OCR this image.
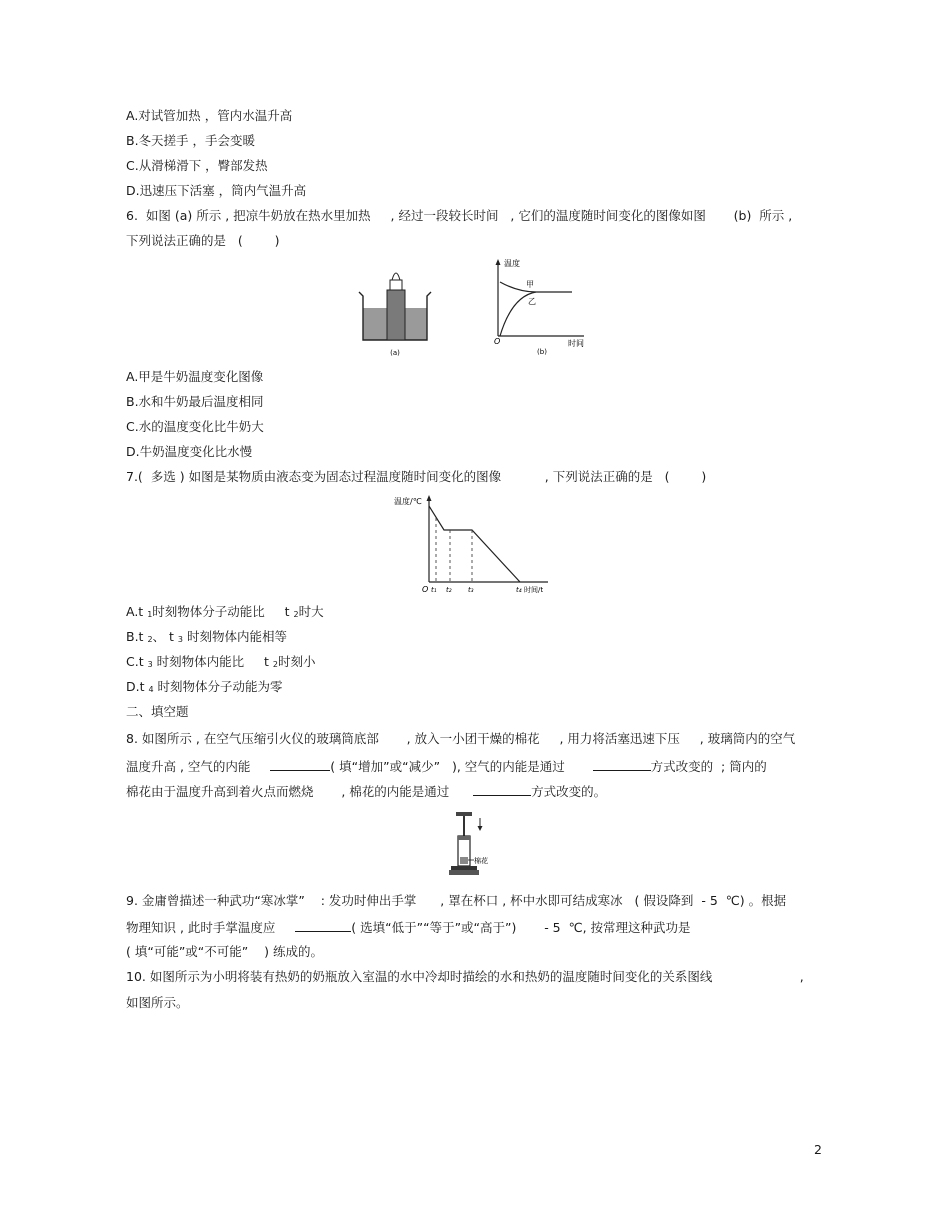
A.对试管加热 ，管内水温升高
B.冬天搓手 ，手会变暖
C.从滑梯滑下 ，臀部发热
D.迅速压下活塞 ，筒内气温升高
6.  如图 (a) 所示 , 把凉牛奶放在热水里加热     , 经过一段较长时间   , 它们的温度随时间变化的图像如图       (b)  所示 ,
下列说法正确的是   (        )
(a)
温度
甲
乙
O	时间
(b)
A.甲是牛奶温度变化图像
B.水和牛奶最后温度相同
C.水的温度变化比牛奶大
D.牛奶温度变化比水慢
7.(  多选 ) 如图是某物质由液态变为固态过程温度随时间变化的图像           , 下列说法正确的是   (        )
温度/℃
O t₁ t₂ t₃	t₄ 时间/t
A.t 1时刻物体分子动能比     t 2时大
B.t 2、 t 3 时刻物体内能相等
C.t 3 时刻物体内能比     t 2时刻小
D.t 4 时刻物体分子动能为零
二、填空题
8. 如图所示 , 在空气压缩引火仪的玻璃筒底部       , 放入一小团干燥的棉花     , 用力将活塞迅速下压     , 玻璃筒内的空气
温度升高 , 空气的内能	( 填“增加”或“减少”   ), 空气的内能是通过	方式改变的  ; 筒内的
棉花由于温度升高到着火点而燃烧       , 棉花的内能是通过	方式改变的。
棉花
9. 金庸曾描述一种武功“寒冰掌”    : 发功时伸出手掌      , 罩在杯口 , 杯中水即可结成寒冰   ( 假设降到  - 5  ℃) 。根据
物理知识 , 此时手掌温度应	( 选填“低于”“等于”或“高于”)       - 5  ℃, 按常理这种武功是
( 填“可能”或“不可能”    ) 练成的。
10. 如图所示为小明将装有热奶的奶瓶放入室温的水中冷却时描绘的水和热奶的温度随时间变化的关系图线                      ,
如图所示。
2
